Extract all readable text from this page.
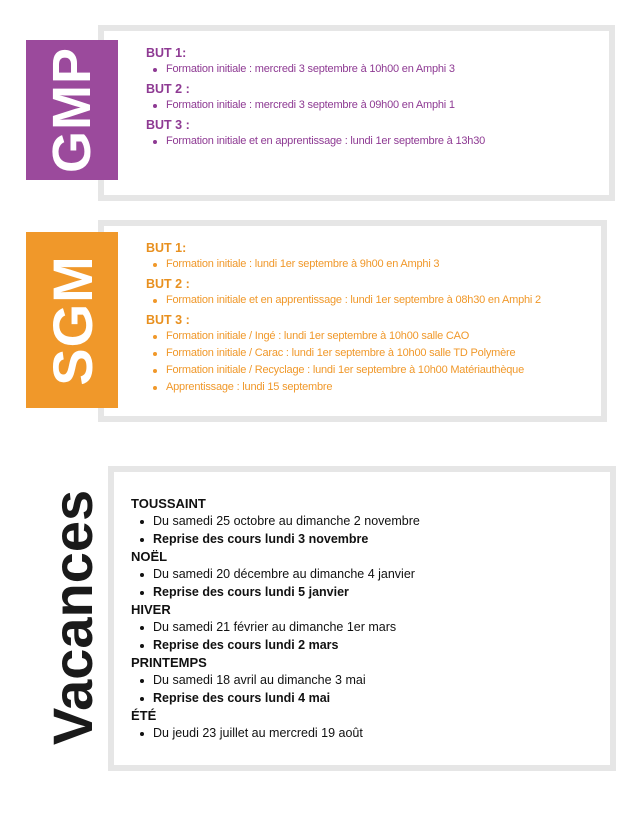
GMP	BUT 1:

Formation initiale : mercredi 3 septembre à 10h00 en Amphi 3

BUT 2 :

Formation initiale : mercredi 3 septembre à 09h00 en Amphi 1

BUT 3 :

Formation initiale et en apprentissage : lundi 1er septembre à 13h30
SGM

BUT 1:

Formation initiale : lundi 1er septembre à 9h00 en Amphi 3

BUT 2 :

Formation initiale et en apprentissage : lundi 1er septembre à 08h30 en Amphi 2

BUT 3 :

Formation initiale / Ingé : lundi 1er septembre à 10h00 salle CAO
Formation initiale / Carac : lundi 1er septembre à 10h00 salle TD Polymère
Formation initiale / Recyclage : lundi 1er septembre à 10h00 Matériauthèque
Apprentissage : lundi 15 septembre
Vacances TOUSSAINT

Du samedi 25 octobre au dimanche 2 novembre
Reprise des cours lundi 3 novembre

NOËL

Du samedi 20 décembre au dimanche 4 janvier
Reprise des cours lundi 5 janvier

HIVER

Du samedi 21 février au dimanche 1er mars
Reprise des cours lundi 2 mars

PRINTEMPS

Du samedi 18 avril au dimanche 3 mai
Reprise des cours lundi 4 mai

ÉTÉ

Du jeudi 23 juillet au mercredi 19 août
